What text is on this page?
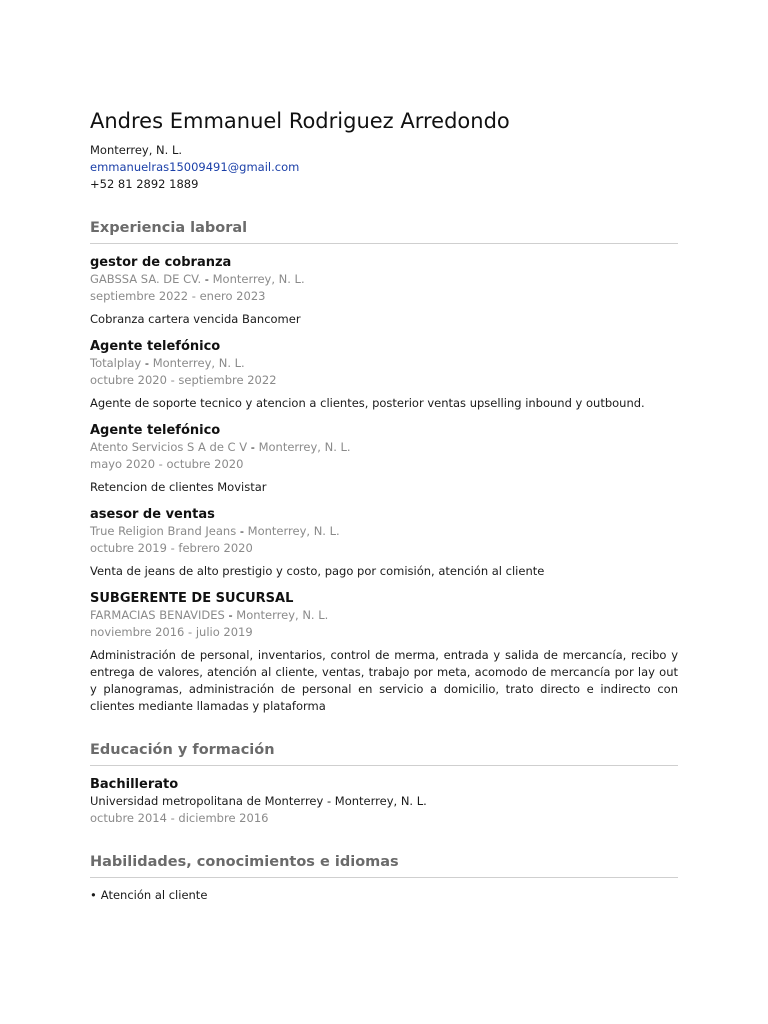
Andres Emmanuel Rodriguez Arredondo
Monterrey, N. L.
emmanuelras15009491@gmail.com
+52 81 2892 1889
Experiencia laboral
gestor de cobranza
GABSSA SA. DE CV. - Monterrey, N. L.
septiembre 2022 - enero 2023
Cobranza cartera vencida Bancomer
Agente telefónico
Totalplay - Monterrey, N. L.
octubre 2020 - septiembre 2022
Agente de soporte tecnico y atencion a clientes, posterior ventas upselling inbound y outbound.
Agente telefónico
Atento Servicios S A de C V - Monterrey, N. L.
mayo 2020 - octubre 2020
Retencion de clientes Movistar
asesor de ventas
True Religion Brand Jeans - Monterrey, N. L.
octubre 2019 - febrero 2020
Venta de jeans de alto prestigio y costo, pago por comisión, atención al cliente
SUBGERENTE DE SUCURSAL
FARMACIAS BENAVIDES - Monterrey, N. L.
noviembre 2016 - julio 2019
Administración de personal, inventarios, control de merma, entrada y salida de mercancía, recibo y entrega de valores, atención al cliente, ventas, trabajo por meta, acomodo de mercancía por lay out y planogramas, administración de personal en servicio a domicilio, trato directo e indirecto con clientes mediante llamadas y plataforma
Educación y formación
Bachillerato
Universidad metropolitana de Monterrey - Monterrey, N. L.
octubre 2014 - diciembre 2016
Habilidades, conocimientos e idiomas
• Atención al cliente
